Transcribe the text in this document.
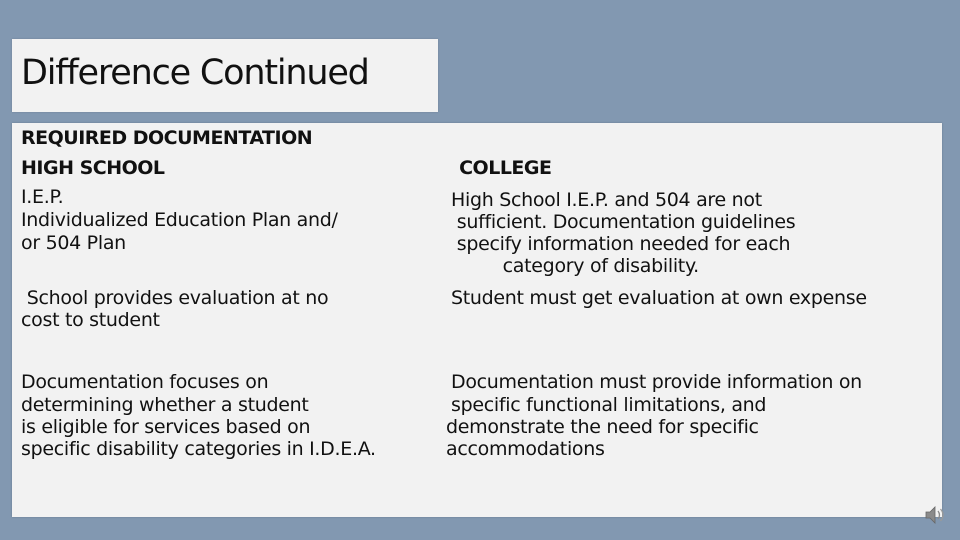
Difference Continued

REQUIRED DOCUMENTATION

HIGH SCHOOL

I.E.P.

Individualized Education Plan and/

or 504 Plan

School provides evaluation at no

cost to student

Documentation focuses on

determining whether a student

is eligible for services based on

specific disability categories in I.D.E.A.

COLLEGE

High School I.E.P. and 504 are not

sufficient. Documentation guidelines

specify information needed for each

category of disability.

Student must get evaluation at own expense

Documentation must provide information on

specific functional limitations, and

demonstrate the need for specific

accommodations
